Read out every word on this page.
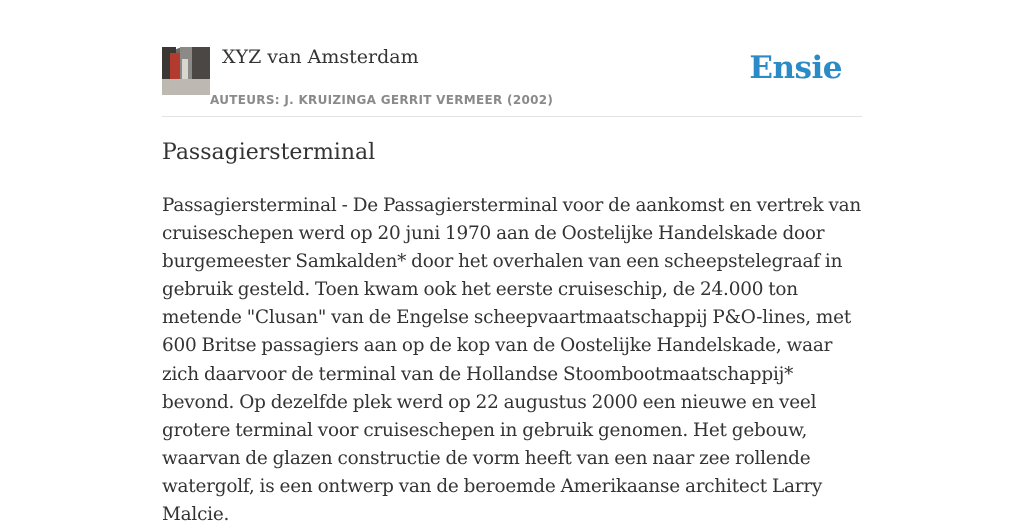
XYZ van Amsterdam
AUTEURS: J. KRUIZINGA GERRIT VERMEER (2002)
Ensie
Passagiersterminal

Passagiersterminal - De Passagiersterminal voor de aankomst en vertrek van cruiseschepen werd op 20 juni 1970 aan de Oostelijke Handelskade door burgemeester Samkalden* door het overhalen van een scheepstelegraaf in gebruik gesteld. Toen kwam ook het eerste cruiseschip, de 24.000 ton metende "Clusan" van de Engelse scheepvaartmaatschappij P&O-lines, met 600 Britse passagiers aan op de kop van de Oostelijke Handelskade, waar zich daarvoor de terminal van de Hollandse Stoombootmaatschappij* bevond. Op dezelfde plek werd op 22 augustus 2000 een nieuwe en veel grotere terminal voor cruiseschepen in gebruik genomen. Het gebouw, waarvan de glazen constructie de vorm heeft van een naar zee rollende watergolf, is een ontwerp van de beroemde Amerikaanse architect Larry Malcie.
